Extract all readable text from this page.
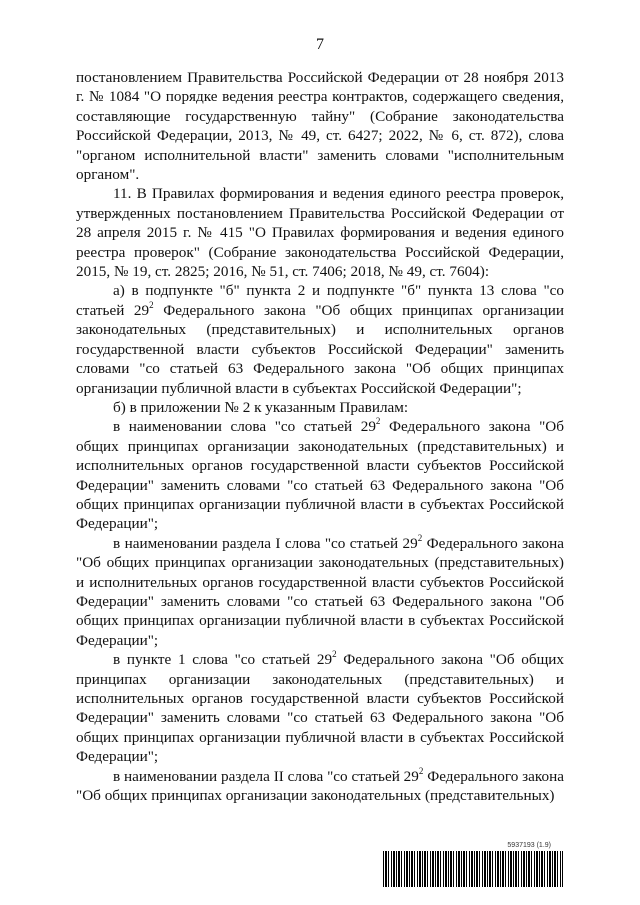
7

постановлением Правительства Российской Федерации от 28 ноября 2013 г. № 1084 "О порядке ведения реестра контрактов, содержащего сведения, составляющие государственную тайну" (Собрание законодательства Российской Федерации, 2013, № 49, ст. 6427; 2022, № 6, ст. 872), слова "органом исполнительной власти" заменить словами "исполнительным органом".

11. В Правилах формирования и ведения единого реестра проверок, утвержденных постановлением Правительства Российской Федерации от 28 апреля 2015 г. № 415 "О Правилах формирования и ведения единого реестра проверок" (Собрание законодательства Российской Федерации, 2015, № 19, ст. 2825; 2016, № 51, ст. 7406; 2018, № 49, ст. 7604):

а) в подпункте "б" пункта 2 и подпункте "б" пункта 13 слова "со статьей $29^2$ Федерального закона "Об общих принципах организации законодательных (представительных) и исполнительных органов государственной власти субъектов Российской Федерации" заменить словами "со статьей 63 Федерального закона "Об общих принципах организации публичной власти в субъектах Российской Федерации";

б) в приложении № 2 к указанным Правилам:

в наименовании слова "со статьей $29^2$ Федерального закона "Об общих принципах организации законодательных (представительных) и исполнительных органов государственной власти субъектов Российской Федерации" заменить словами "со статьей 63 Федерального закона "Об общих принципах организации публичной власти в субъектах Российской Федерации";

в наименовании раздела I слова "со статьей $29^2$ Федерального закона "Об общих принципах организации законодательных (представительных) и исполнительных органов государственной власти субъектов Российской Федерации" заменить словами "со статьей 63 Федерального закона "Об общих принципах организации публичной власти в субъектах Российской Федерации";

в пункте 1 слова "со статьей $29^2$ Федерального закона "Об общих принципах организации законодательных (представительных) и исполнительных органов государственной власти субъектов Российской Федерации" заменить словами "со статьей 63 Федерального закона "Об общих принципах организации публичной власти в субъектах Российской Федерации";

в наименовании раздела II слова "со статьей $29^2$ Федерального закона "Об общих принципах организации законодательных (представительных)

5937193 (1.9)
